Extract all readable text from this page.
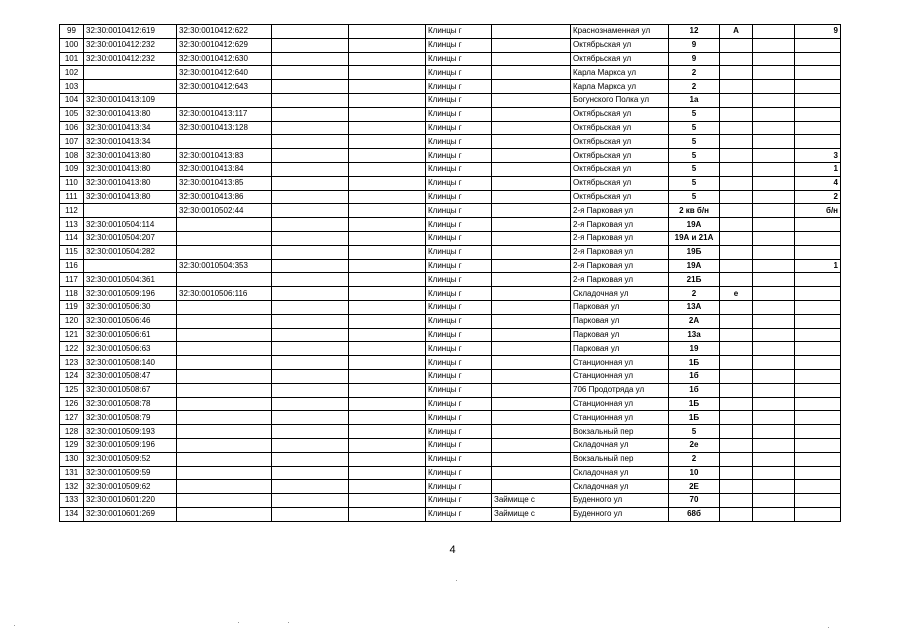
99	32:30:0010412:619	32:30:0010412:622			Клинцы г		Краснознаменная ул	12	А		9
100	32:30:0010412:232	32:30:0010412:629			Клинцы г		Октябрьская ул	9			
101	32:30:0010412:232	32:30:0010412:630			Клинцы г		Октябрьская ул	9			
102		32:30:0010412:640			Клинцы г		Карла Маркса ул	2			
103		32:30:0010412:643			Клинцы г		Карла Маркса ул	2			
104	32:30:0010413:109				Клинцы г		Богунского Полка ул	1а			
105	32:30:0010413:80	32:30:0010413:117			Клинцы г		Октябрьская ул	5			
106	32:30:0010413:34	32:30:0010413:128			Клинцы г		Октябрьская ул	5			
107	32:30:0010413:34				Клинцы г		Октябрьская ул	5			
108	32:30:0010413:80	32:30:0010413:83			Клинцы г		Октябрьская ул	5			3
109	32:30:0010413:80	32:30:0010413:84			Клинцы г		Октябрьская ул	5			1
110	32:30:0010413:80	32:30:0010413:85			Клинцы г		Октябрьская ул	5			4
111	32:30:0010413:80	32:30:0010413:86			Клинцы г		Октябрьская ул	5			2
112		32:30:0010502:44			Клинцы г		2-я Парковая ул	2 кв б/н			б/н
113	32:30:0010504:114				Клинцы г		2-я Парковая ул	19А			
114	32:30:0010504:207				Клинцы г		2-я Парковая ул	19А и 21А			
115	32:30:0010504:282				Клинцы г		2-я Парковая ул	19Б			
116		32:30:0010504:353			Клинцы г		2-я Парковая ул	19А			1
117	32:30:0010504:361				Клинцы г		2-я Парковая ул	21Б			
118	32:30:0010509:196	32:30:0010506:116			Клинцы г		Складочная ул	2	е		
119	32:30:0010506:30				Клинцы г		Парковая ул	13А			
120	32:30:0010506:46				Клинцы г		Парковая ул	2А			
121	32:30:0010506:61				Клинцы г		Парковая ул	13а			
122	32:30:0010506:63				Клинцы г		Парковая ул	19			
123	32:30:0010508:140				Клинцы г		Станционная ул	1Б			
124	32:30:0010508:47				Клинцы г		Станционная ул	1б			
125	32:30:0010508:67				Клинцы г		706 Продотряда ул	1б			
126	32:30:0010508:78				Клинцы г		Станционная ул	1Б			
127	32:30:0010508:79				Клинцы г		Станционная ул	1Б			
128	32:30:0010509:193				Клинцы г		Вокзальный пер	5			
129	32:30:0010509:196				Клинцы г		Складочная ул	2е			
130	32:30:0010509:52				Клинцы г		Вокзальный пер	2			
131	32:30:0010509:59				Клинцы г		Складочная ул	10			
132	32:30:0010509:62				Клинцы г		Складочная ул	2Е			
133	32:30:0010601:220				Клинцы г	Займище с	Буденного ул	70			
134	32:30:0010601:269				Клинцы г	Займище с	Буденного ул	68б			
4
